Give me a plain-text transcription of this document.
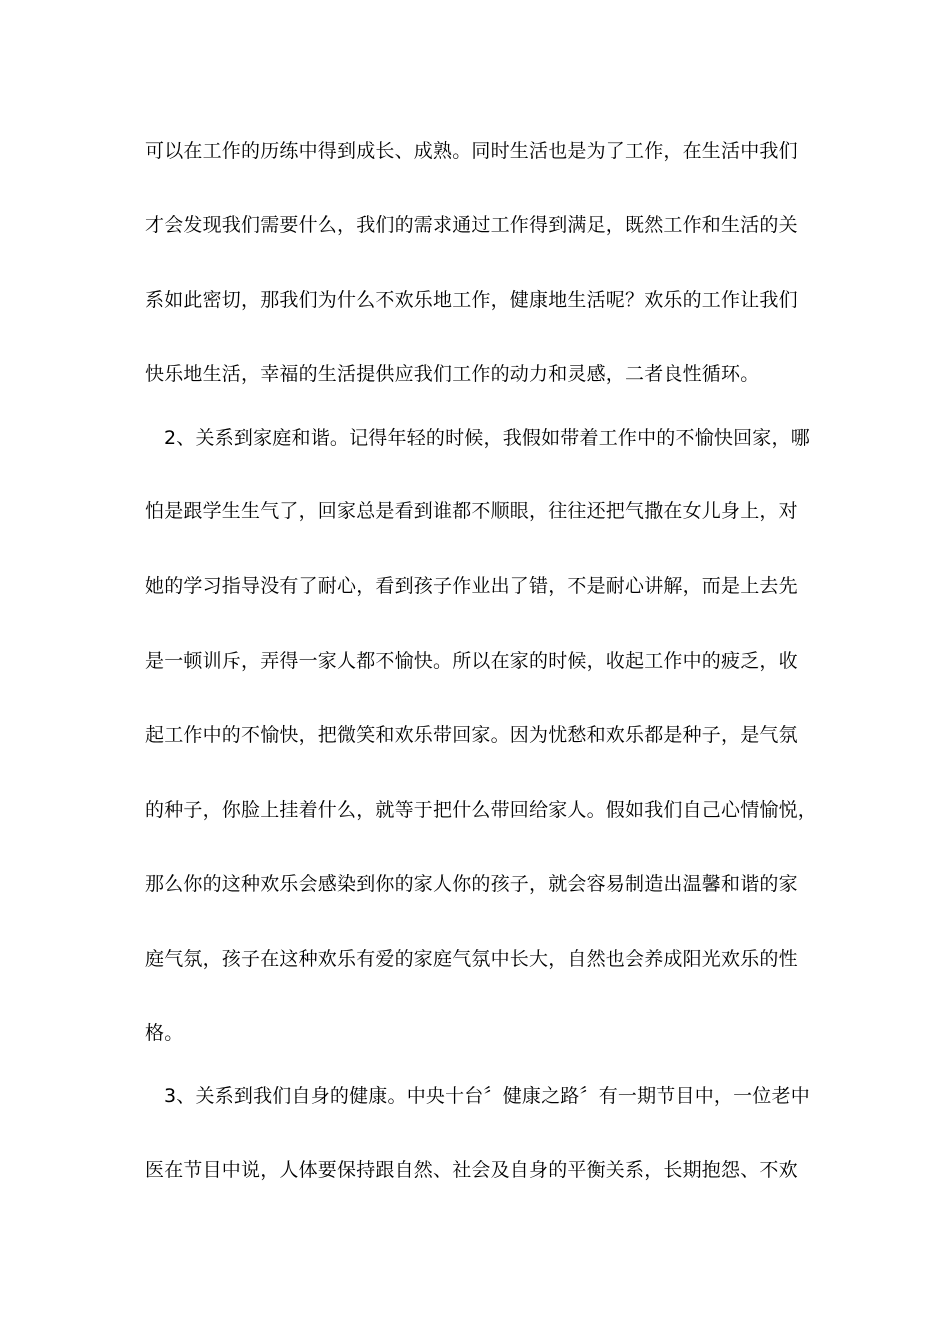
可以在工作的历练中得到成长、成熟。同时生活也是为了工作，在生活中我们
才会发现我们需要什么，我们的需求通过工作得到满足，既然工作和生活的关
系如此密切，那我们为什么不欢乐地工作，健康地生活呢？欢乐的工作让我们
快乐地生活，幸福的生活提供应我们工作的动力和灵感，二者良性循环。
2、关系到家庭和谐。记得年轻的时候，我假如带着工作中的不愉快回家，哪
怕是跟学生生气了，回家总是看到谁都不顺眼，往往还把气撒在女儿身上，对
她的学习指导没有了耐心，看到孩子作业出了错，不是耐心讲解，而是上去先
是一顿训斥，弄得一家人都不愉快。所以在家的时候，收起工作中的疲乏，收
起工作中的不愉快，把微笑和欢乐带回家。因为忧愁和欢乐都是种子，是气氛
的种子，你脸上挂着什么，就等于把什么带回给家人。假如我们自己心情愉悦，
那么你的这种欢乐会感染到你的家人你的孩子，就会容易制造出温馨和谐的家
庭气氛，孩子在这种欢乐有爱的家庭气氛中长大，自然也会养成阳光欢乐的性
格。
3、关系到我们自身的健康。中央十台〞健康之路〞有一期节目中，一位老中
医在节目中说，人体要保持跟自然、社会及自身的平衡关系，长期抱怨、不欢
